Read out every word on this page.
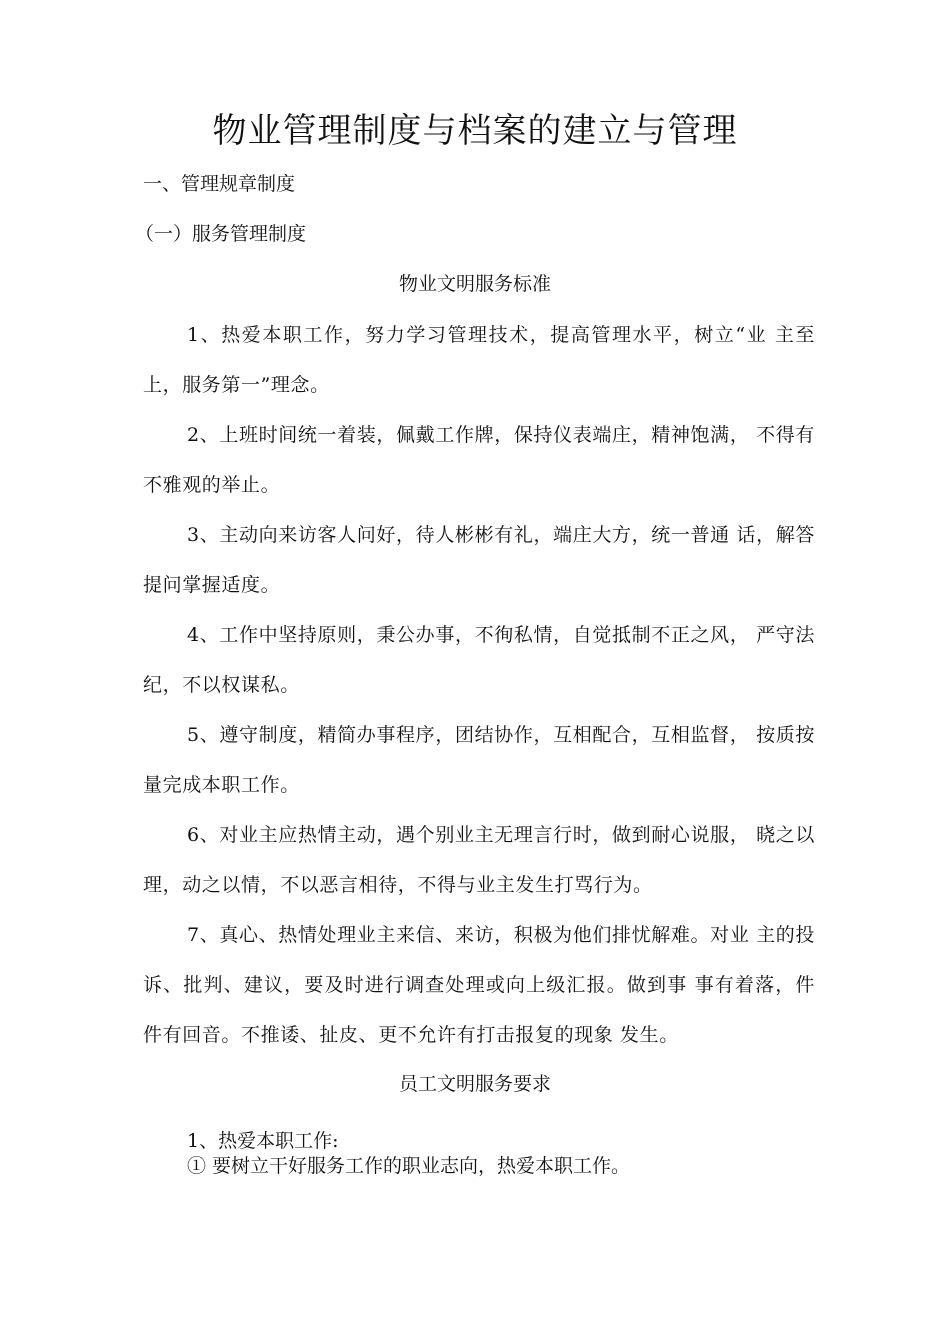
物业管理制度与档案的建立与管理
一、管理规章制度
（一）服务管理制度
物业文明服务标准
1、热爱本职工作，努力学习管理技术，提高管理水平，树立“业 主至上，服务第一”理念。
2、上班时间统一着装，佩戴工作牌，保持仪表端庄，精神饱满， 不得有不雅观的举止。
3、主动向来访客人问好，待人彬彬有礼，端庄大方，统一普通 话，解答提问掌握适度。
4、工作中坚持原则，秉公办事，不徇私情，自觉抵制不正之风， 严守法纪，不以权谋私。
5、遵守制度，精简办事程序，团结协作，互相配合，互相监督， 按质按量完成本职工作。
6、对业主应热情主动，遇个别业主无理言行时，做到耐心说服， 晓之以理，动之以情，不以恶言相待，不得与业主发生打骂行为。
7、真心、热情处理业主来信、来访，积极为他们排忧解难。对业 主的投诉、批判、建议，要及时进行调查处理或向上级汇报。做到事 事有着落，件件有回音。不推诿、扯皮、更不允许有打击报复的现象 发生。
员工文明服务要求
1、热爱本职工作:
① 要树立干好服务工作的职业志向，热爱本职工作。
